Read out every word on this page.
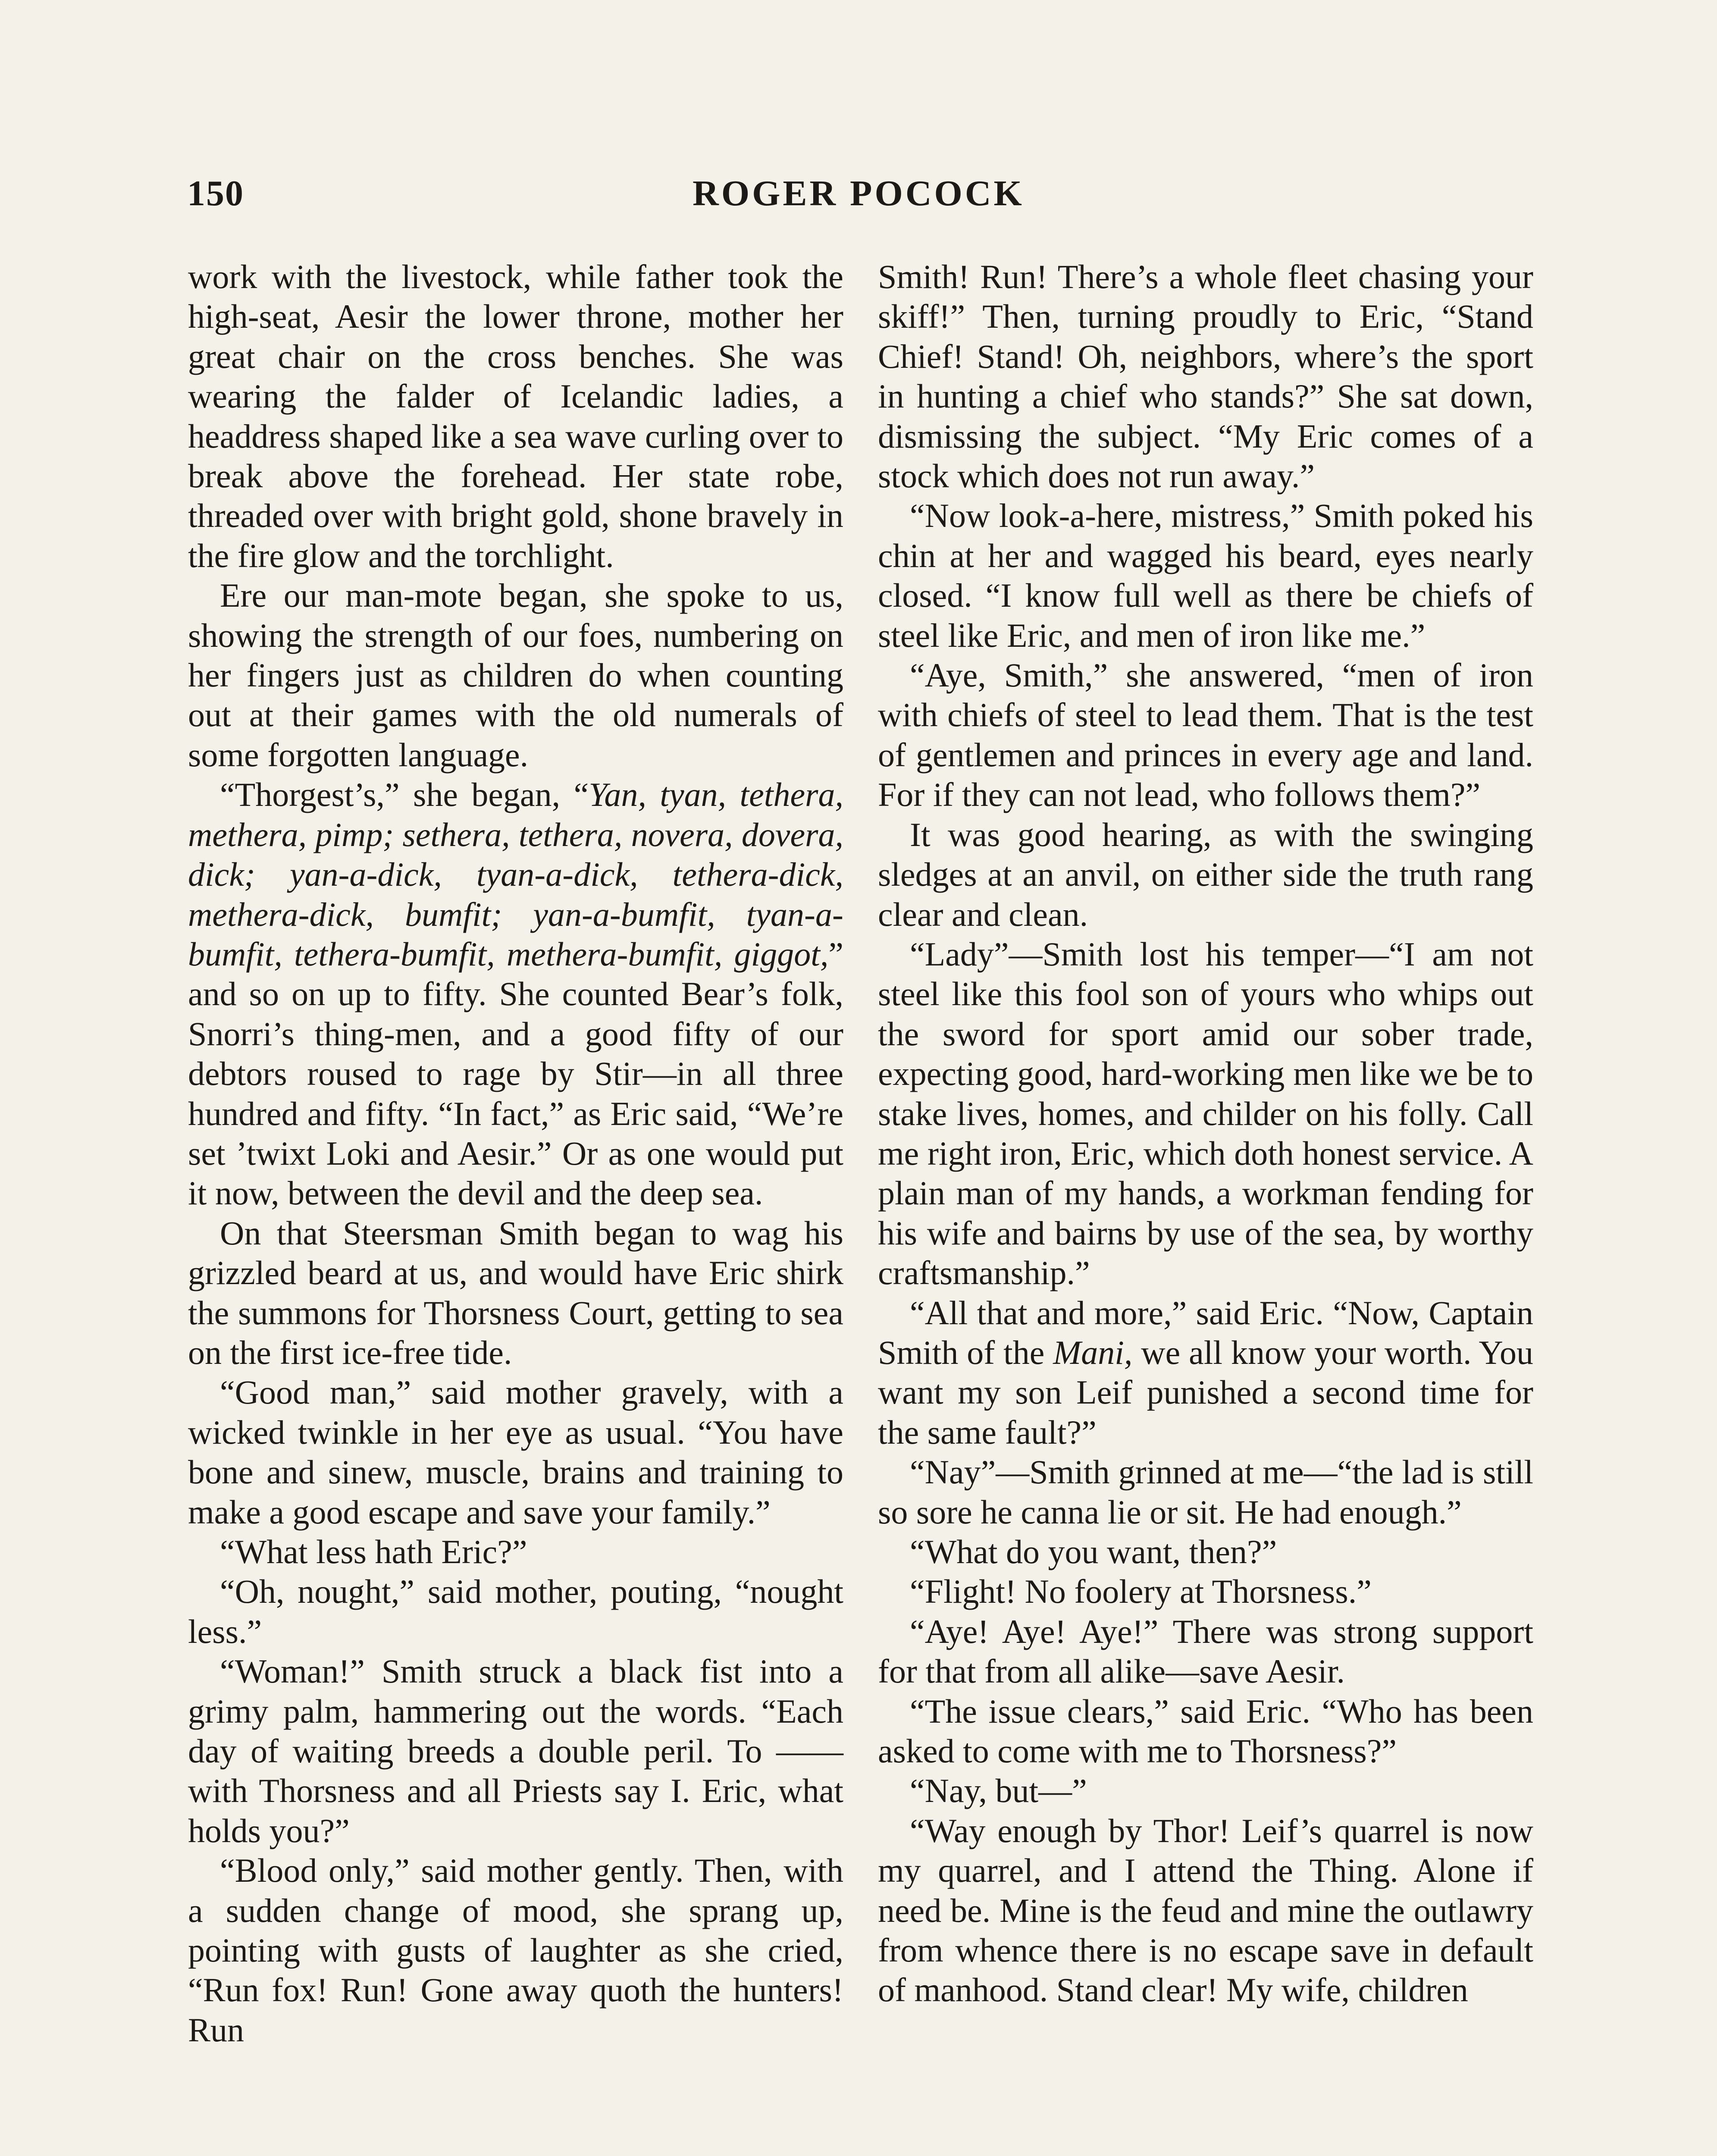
150	ROGER POCOCK

work with the livestock, while father took the high-seat, Aesir the lower throne, mother her great chair on the cross benches. She was wearing the falder of Icelandic ladies, a headdress shaped like a sea wave curling over to break above the forehead. Her state robe, threaded over with bright gold, shone bravely in the fire glow and the torchlight.

Ere our man-mote began, she spoke to us, showing the strength of our foes, numbering on her fingers just as children do when counting out at their games with the old numerals of some forgotten language.

“Thorgest’s,” she began, “Yan, tyan, tethera, methera, pimp; sethera, tethera, novera, dovera, dick; yan-a-dick, tyan-a-dick, tethera-dick, methera-dick, bumfit; yan-a-bumfit, tyan-a-bumfit, tethera-bumfit, methera-bumfit, giggot,” and so on up to fifty. She counted Bear’s folk, Snorri’s thing-men, and a good fifty of our debtors roused to rage by Stir—in all three hundred and fifty. “In fact,” as Eric said, “We’re set ’twixt Loki and Aesir.” Or as one would put it now, between the devil and the deep sea.

On that Steersman Smith began to wag his grizzled beard at us, and would have Eric shirk the summons for Thorsness Court, getting to sea on the first ice-free tide.

“Good man,” said mother gravely, with a wicked twinkle in her eye as usual. “You have bone and sinew, muscle, brains and training to make a good escape and save your family.”

“What less hath Eric?”

“Oh, nought,” said mother, pouting, “nought less.”

“Woman!” Smith struck a black fist into a grimy palm, hammering out the words. “Each day of waiting breeds a double peril. To —— with Thorsness and all Priests say I. Eric, what holds you?”

“Blood only,” said mother gently. Then, with a sudden change of mood, she sprang up, pointing with gusts of laughter as she cried, “Run fox! Run! Gone away quoth the hunters! Run

Smith! Run! There’s a whole fleet chasing your skiff!” Then, turning proudly to Eric, “Stand Chief! Stand! Oh, neighbors, where’s the sport in hunting a chief who stands?” She sat down, dismissing the subject. “My Eric comes of a stock which does not run away.”

“Now look-a-here, mistress,” Smith poked his chin at her and wagged his beard, eyes nearly closed. “I know full well as there be chiefs of steel like Eric, and men of iron like me.”

“Aye, Smith,” she answered, “men of iron with chiefs of steel to lead them. That is the test of gentlemen and princes in every age and land. For if they can not lead, who follows them?”

It was good hearing, as with the swinging sledges at an anvil, on either side the truth rang clear and clean.

“Lady”—Smith lost his temper—“I am not steel like this fool son of yours who whips out the sword for sport amid our sober trade, expecting good, hard-working men like we be to stake lives, homes, and childer on his folly. Call me right iron, Eric, which doth honest service. A plain man of my hands, a workman fending for his wife and bairns by use of the sea, by worthy craftsmanship.”

“All that and more,” said Eric. “Now, Captain Smith of the Mani, we all know your worth. You want my son Leif punished a second time for the same fault?”

“Nay”—Smith grinned at me—“the lad is still so sore he canna lie or sit. He had enough.”

“What do you want, then?”

“Flight! No foolery at Thorsness.”

“Aye! Aye! Aye!” There was strong support for that from all alike—save Aesir.

“The issue clears,” said Eric. “Who has been asked to come with me to Thorsness?”

“Nay, but—”

“Way enough by Thor! Leif’s quarrel is now my quarrel, and I attend the Thing. Alone if need be. Mine is the feud and mine the outlawry from whence there is no escape save in default of manhood. Stand clear! My wife, children
